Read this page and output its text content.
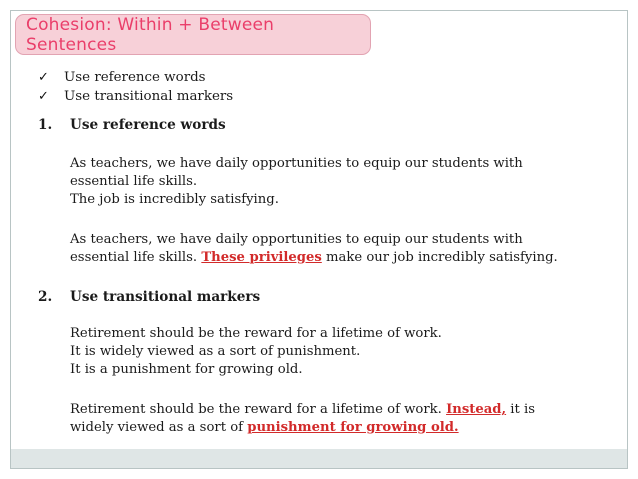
Cohesion: Within + Between Sentences
✓	Use reference words
✓	Use transitional markers
1.	Use reference words
As teachers, we have daily opportunities to equip our students with
essential life skills.
The job is incredibly satisfying.
As teachers, we have daily opportunities to equip our students with
essential life skills. These privileges make our job incredibly satisfying.
2.	Use transitional markers
Retirement should be the reward for a lifetime of work.
It is widely viewed as a sort of punishment.
It is a punishment for growing old.
Retirement should be the reward for a lifetime of work. Instead, it is
widely viewed as a sort of punishment for growing old.
